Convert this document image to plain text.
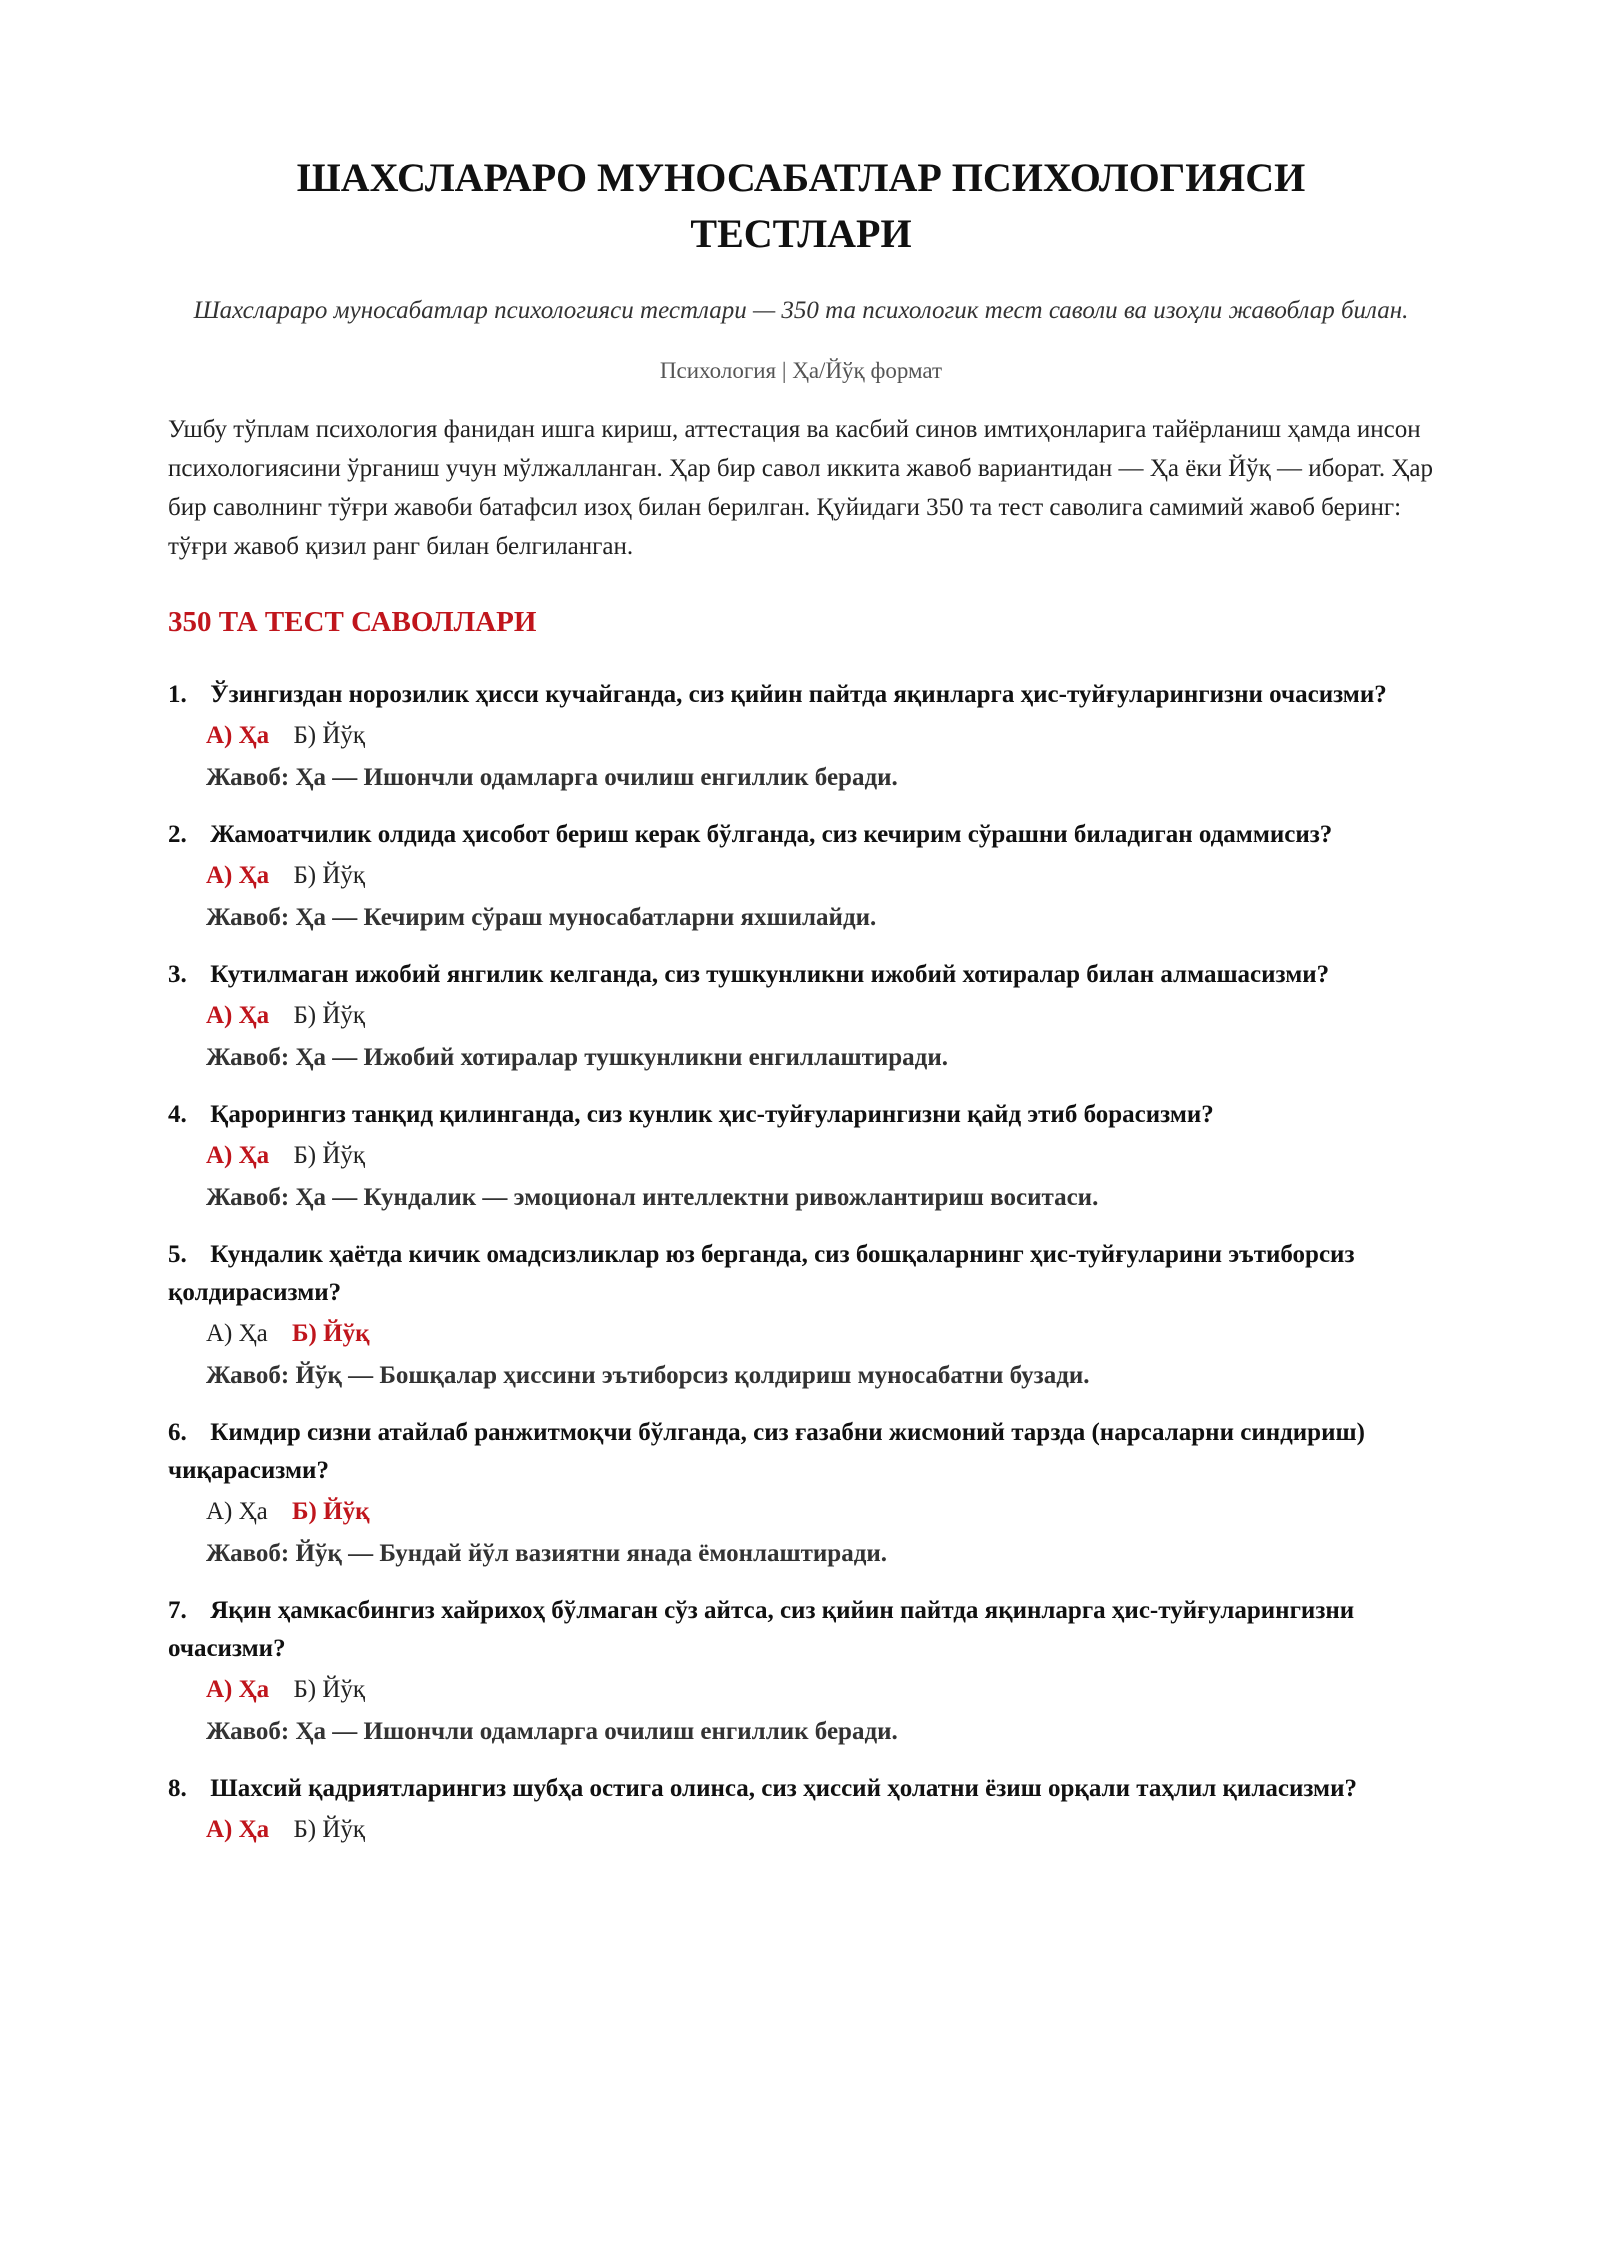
ШАХСЛАРАРО МУНОСАБАТЛАР ПСИХОЛОГИЯСИ ТЕСТЛАРИ
Шахслараро муносабатлар психологияси тестлари — 350 та психологик тест саволи ва изоҳли жавоблар билан.
Психология | Ҳа/Йўқ формат
Ушбу тўплам психология фанидан ишга кириш, аттестация ва касбий синов имтиҳонларига тайёрланиш ҳамда инсон психологиясини ўрганиш учун мўлжалланган. Ҳар бир савол иккита жавоб вариантидан — Ҳа ёки Йўқ — иборат. Ҳар бир саволнинг тўғри жавоби батафсил изоҳ билан берилган. Қуйидаги 350 та тест саволига самимий жавоб беринг: тўғри жавоб қизил ранг билан белгиланган.
350 ТА ТЕСТ САВОЛЛАРИ
1. Ўзингиздан норозилик ҳисси кучайганда, сиз қийин пайтда яқинларга ҳис-туйғуларингизни очасизми?
А) Ҳа Б) Йўқ
Жавоб: Ҳа — Ишончли одамларга очилиш енгиллик беради.
2. Жамоатчилик олдида ҳисобот бериш керак бўлганда, сиз кечирим сўрашни биладиган одаммисиз?
А) Ҳа Б) Йўқ
Жавоб: Ҳа — Кечирим сўраш муносабатларни яхшилайди.
3. Кутилмаган ижобий янгилик келганда, сиз тушкунликни ижобий хотиралар билан алмашасизми?
А) Ҳа Б) Йўқ
Жавоб: Ҳа — Ижобий хотиралар тушкунликни енгиллаштиради.
4. Қарорингиз танқид қилинганда, сиз кунлик ҳис-туйғуларингизни қайд этиб борасизми?
А) Ҳа Б) Йўқ
Жавоб: Ҳа — Кундалик — эмоционал интеллектни ривожлантириш воситаси.
5. Кундалик ҳаётда кичик омадсизликлар юз берганда, сиз бошқаларнинг ҳис-туйғуларини эътиборсиз қолдирасизми?
А) Ҳа Б) Йўқ
Жавоб: Йўқ — Бошқалар ҳиссини эътиборсиз қолдириш муносабатни бузади.
6. Кимдир сизни атайлаб ранжитмоқчи бўлганда, сиз ғазабни жисмоний тарзда (нарсаларни синдириш) чиқарасизми?
А) Ҳа Б) Йўқ
Жавоб: Йўқ — Бундай йўл вазиятни янада ёмонлаштиради.
7. Яқин ҳамкасбингиз хайрихоҳ бўлмаган сўз айтса, сиз қийин пайтда яқинларга ҳис-туйғуларингизни очасизми?
А) Ҳа Б) Йўқ
Жавоб: Ҳа — Ишончли одамларга очилиш енгиллик беради.
8. Шахсий қадриятларингиз шубҳа остига олинса, сиз ҳиссий ҳолатни ёзиш орқали таҳлил қиласизми?
А) Ҳа Б) Йўқ
